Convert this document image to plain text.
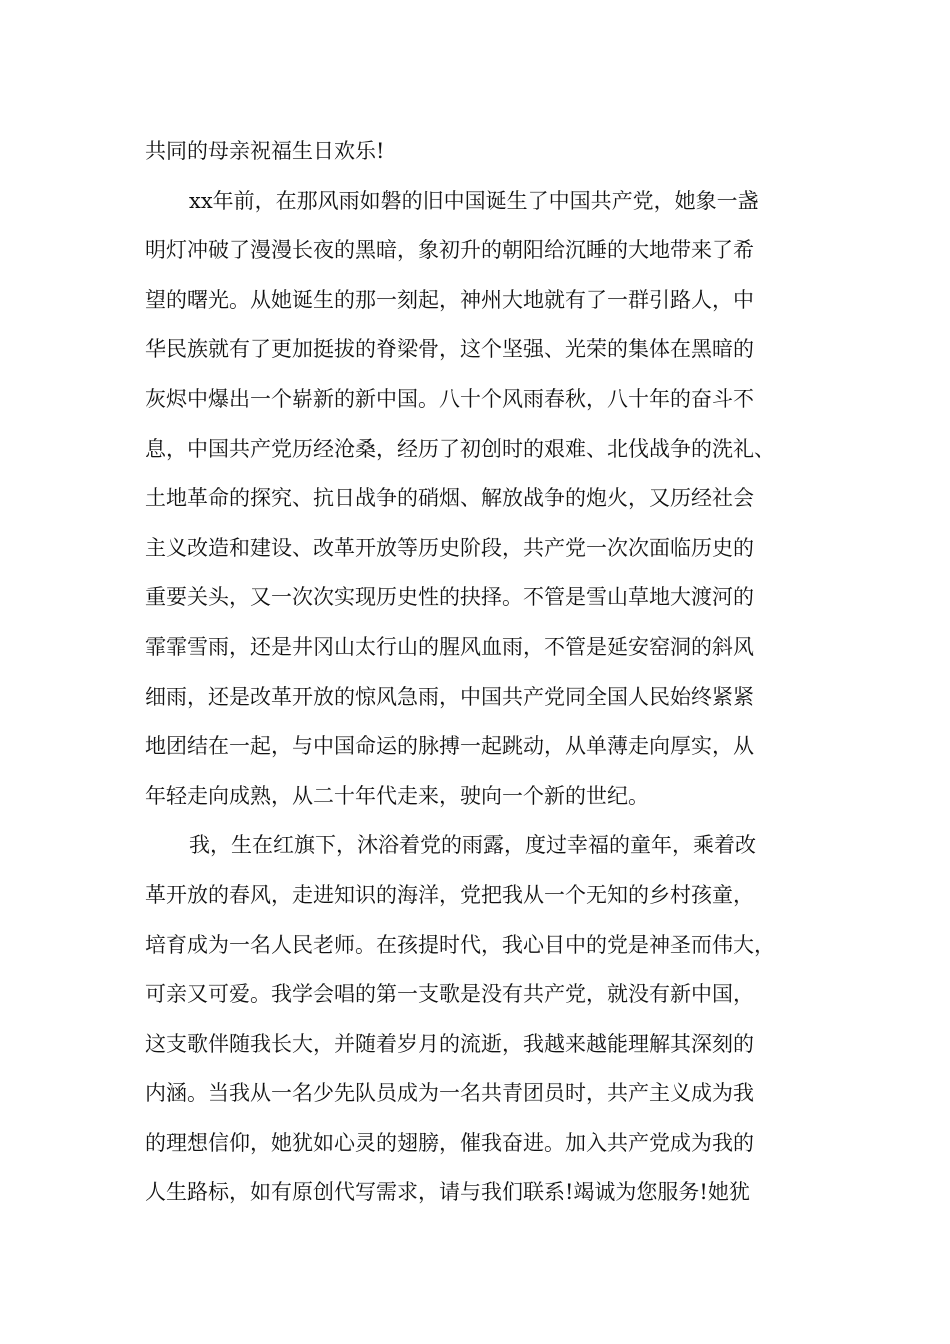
共同的母亲祝福生日欢乐!
xx年前，在那风雨如磐的旧中国诞生了中国共产党，她象一盏
明灯冲破了漫漫长夜的黑暗，象初升的朝阳给沉睡的大地带来了希
望的曙光。从她诞生的那一刻起，神州大地就有了一群引路人，中
华民族就有了更加挺拔的脊梁骨，这个坚强、光荣的集体在黑暗的
灰烬中爆出一个崭新的新中国。八十个风雨春秋，八十年的奋斗不
息，中国共产党历经沧桑，经历了初创时的艰难、北伐战争的洗礼、
土地革命的探究、抗日战争的硝烟、解放战争的炮火，又历经社会
主义改造和建设、改革开放等历史阶段，共产党一次次面临历史的
重要关头，又一次次实现历史性的抉择。不管是雪山草地大渡河的
霏霏雪雨，还是井冈山太行山的腥风血雨，不管是延安窑洞的斜风
细雨，还是改革开放的惊风急雨，中国共产党同全国人民始终紧紧
地团结在一起，与中国命运的脉搏一起跳动，从单薄走向厚实，从
年轻走向成熟，从二十年代走来，驶向一个新的世纪。
我，生在红旗下，沐浴着党的雨露，度过幸福的童年，乘着改
革开放的春风，走进知识的海洋，党把我从一个无知的乡村孩童，
培育成为一名人民老师。在孩提时代，我心目中的党是神圣而伟大，
可亲又可爱。我学会唱的第一支歌是没有共产党，就没有新中国，
这支歌伴随我长大，并随着岁月的流逝，我越来越能理解其深刻的
内涵。当我从一名少先队员成为一名共青团员时，共产主义成为我
的理想信仰，她犹如心灵的翅膀，催我奋进。加入共产党成为我的
人生路标，如有原创代写需求，请与我们联系!竭诚为您服务!她犹
